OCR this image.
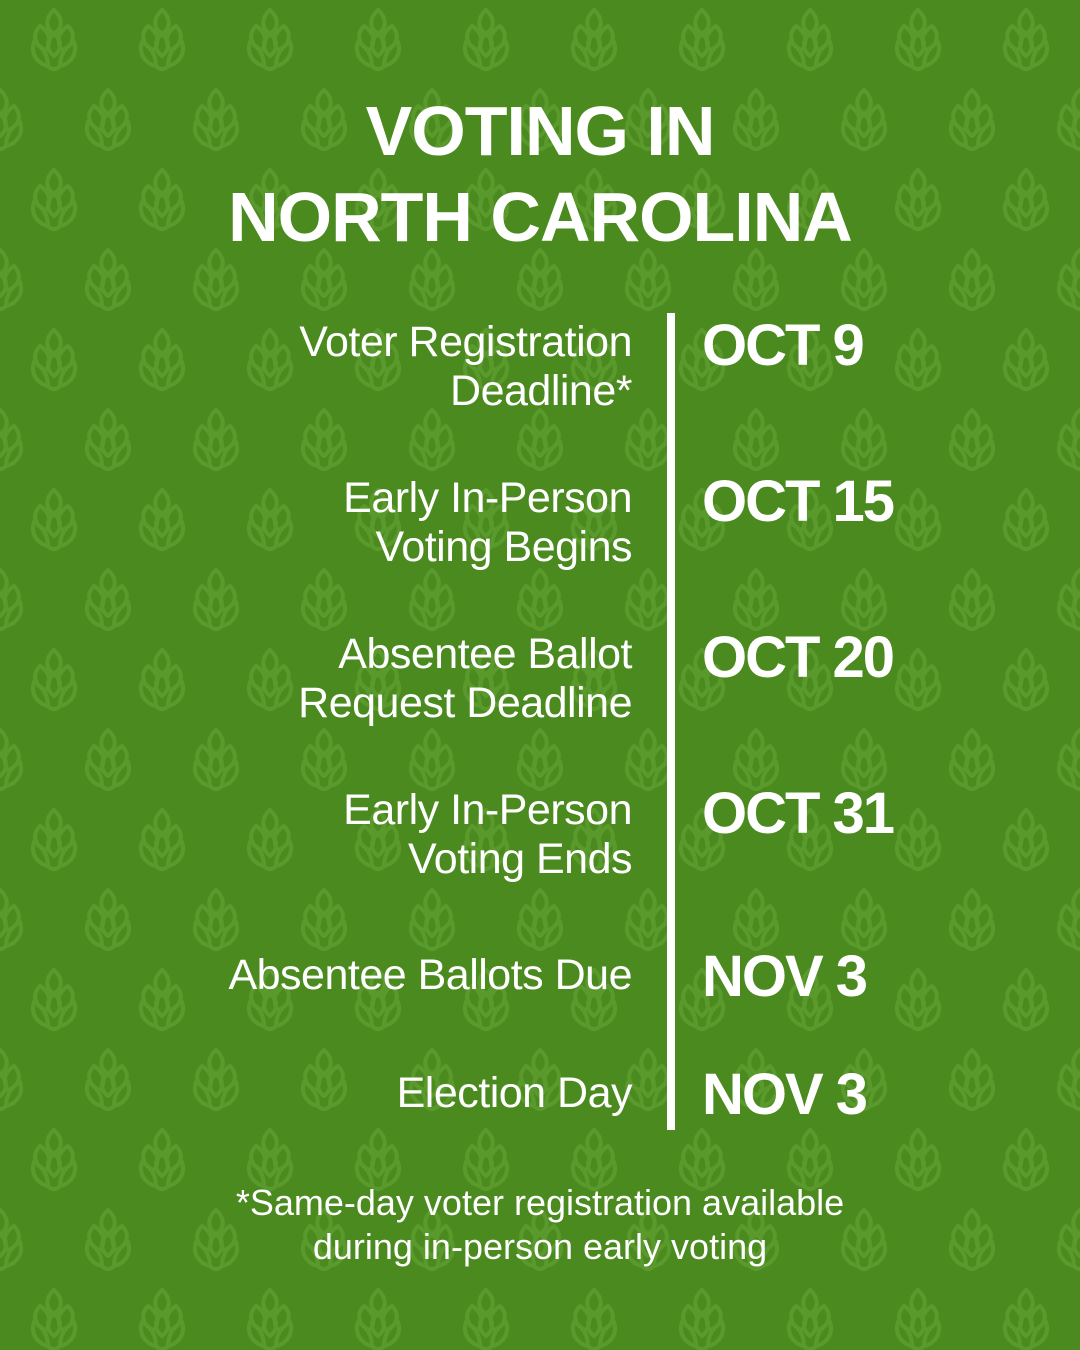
VOTING IN
NORTH CAROLINA
Voter Registration
Deadline*
OCT 9
Early In-Person
Voting Begins
OCT 15
Absentee Ballot
Request Deadline
OCT 20
Early In-Person
Voting Ends
OCT 31
Absentee Ballots Due NOV 3
Election Day NOV 3
*Same-day voter registration available
during in-person early voting
